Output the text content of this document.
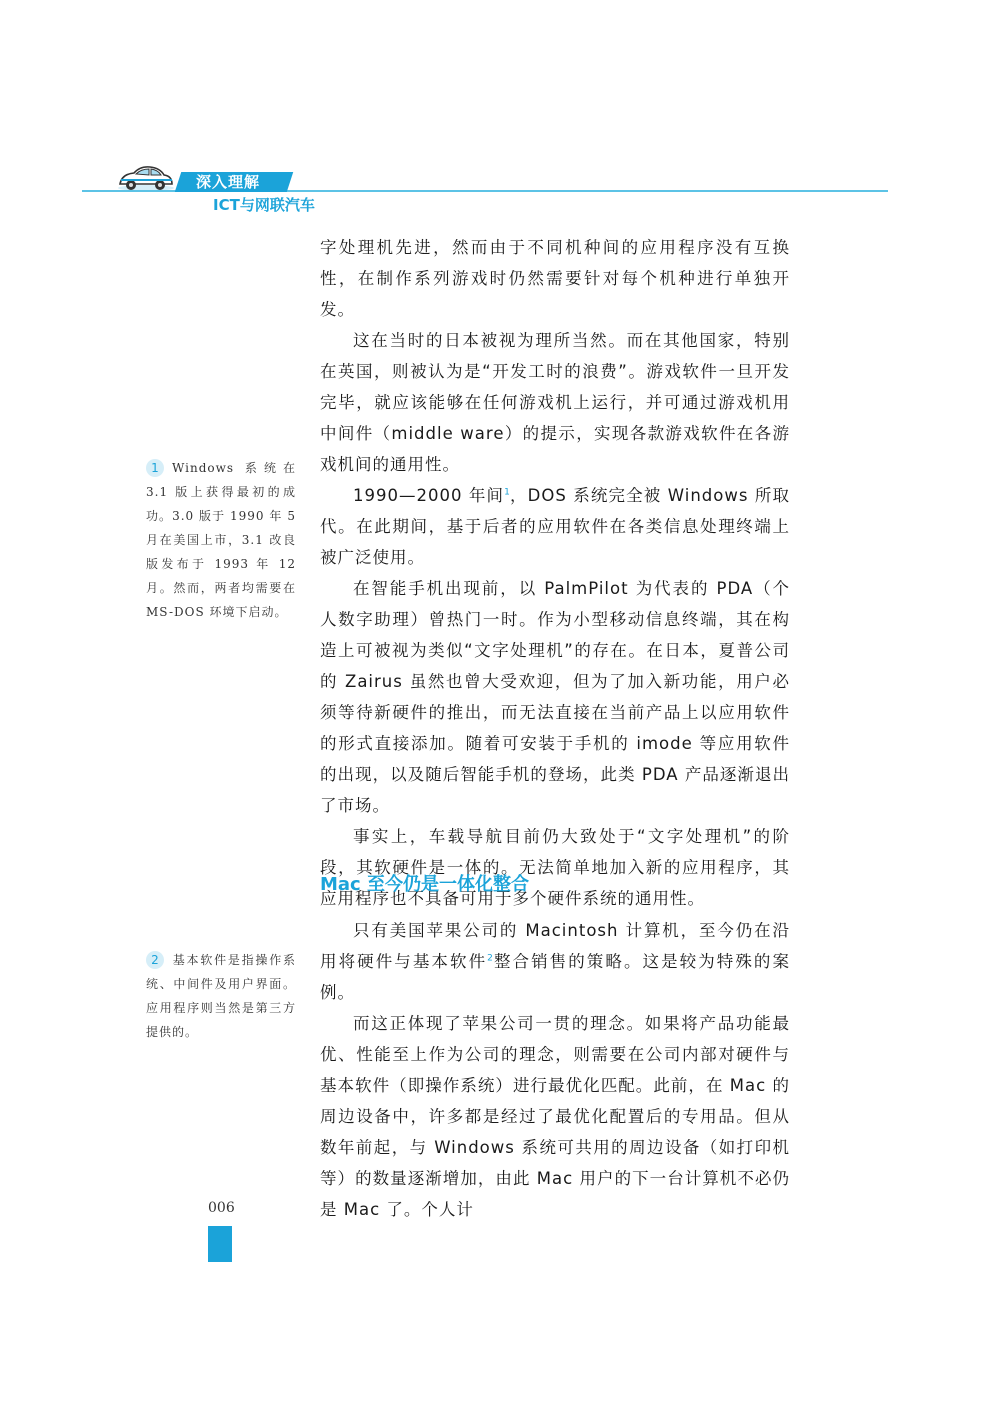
深入理解
ICT与网联汽车

字处理机先进，然而由于不同机种间的应用程序没有互换性，在制作系列游戏时仍然需要针对每个机种进行单独开发。

这在当时的日本被视为理所当然。而在其他国家，特别在英国，则被认为是“开发工时的浪费”。游戏软件一旦开发完毕，就应该能够在任何游戏机上运行，并可通过游戏机用中间件（middle ware）的提示，实现各款游戏软件在各游戏机间的通用性。

1990—2000 年间$^1$，DOS 系统完全被 Windows 所取代。在此期间，基于后者的应用软件在各类信息处理终端上被广泛使用。

在智能手机出现前，以 PalmPilot 为代表的 PDA（个人数字助理）曾热门一时。作为小型移动信息终端，其在构造上可被视为类似“文字处理机”的存在。在日本，夏普公司的 Zairus 虽然也曾大受欢迎，但为了加入新功能，用户必须等待新硬件的推出，而无法直接在当前产品上以应用软件的形式直接添加。随着可安装于手机的 imode 等应用软件的出现，以及随后智能手机的登场，此类 PDA 产品逐渐退出了市场。

事实上，车载导航目前仍大致处于“文字处理机”的阶段，其软硬件是一体的。无法简单地加入新的应用程序，其应用程序也不具备可用于多个硬件系统的通用性。

Mac 至今仍是一体化整合

只有美国苹果公司的 Macintosh 计算机，至今仍在沿用将硬件与基本软件$^2$整合销售的策略。这是较为特殊的案例。

而这正体现了苹果公司一贯的理念。如果将产品功能最优、性能至上作为公司的理念，则需要在公司内部对硬件与基本软件（即操作系统）进行最优化匹配。此前，在 Mac 的周边设备中，许多都是经过了最优化配置后的专用品。但从数年前起，与 Windows 系统可共用的周边设备（如打印机等）的数量逐渐增加，由此 Mac 用户的下一台计算机不必仍是 Mac 了。个人计

1 Windows 系统在 3.1 版上获得最初的成功。3.0 版于 1990 年 5 月在美国上市，3.1 改良版发布于 1993 年 12 月。然而，两者均需要在 MS-DOS 环境下启动。
2 基本软件是指操作系统、中间件及用户界面。应用程序则当然是第三方提供的。
006
